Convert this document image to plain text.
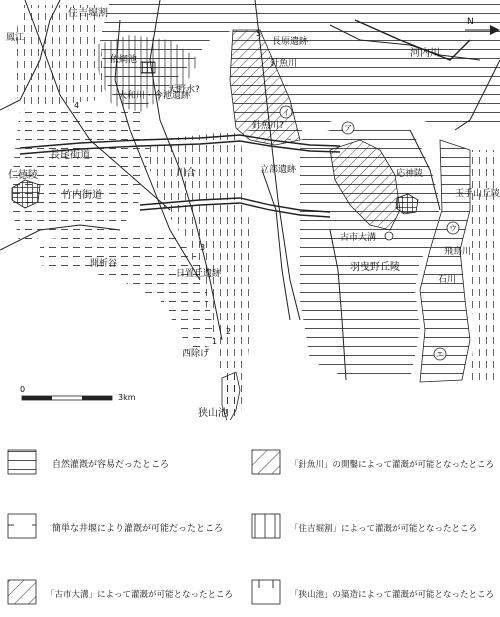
N
0
3km
鳳江
住吉堀割
依網池
大和川・今池遺跡
天野水?
長原遺跡
河内川
針魚川
針魚川?
長尾街道
仁徳陵
竹内街道
川合	立部遺跡	応神陵
玉手山丘陵
古市大溝
飛鳥川
石川
羽曳野丘陵
開析谷
日置丘遺跡
西除げ
狭山池
1
2
3
4
5
ア
イ
ウ
エ
自然灌漑が容易だったところ
簡単な井堰により灌漑が可能だったところ
「古市大溝」によって灌漑が可能となったところ
「針魚川」の開鑿によって灌漑が可能となったところ
「住吉堀割」によって灌漑が可能となったところ
「狭山池」の築造によって灌漑が可能となったところ
